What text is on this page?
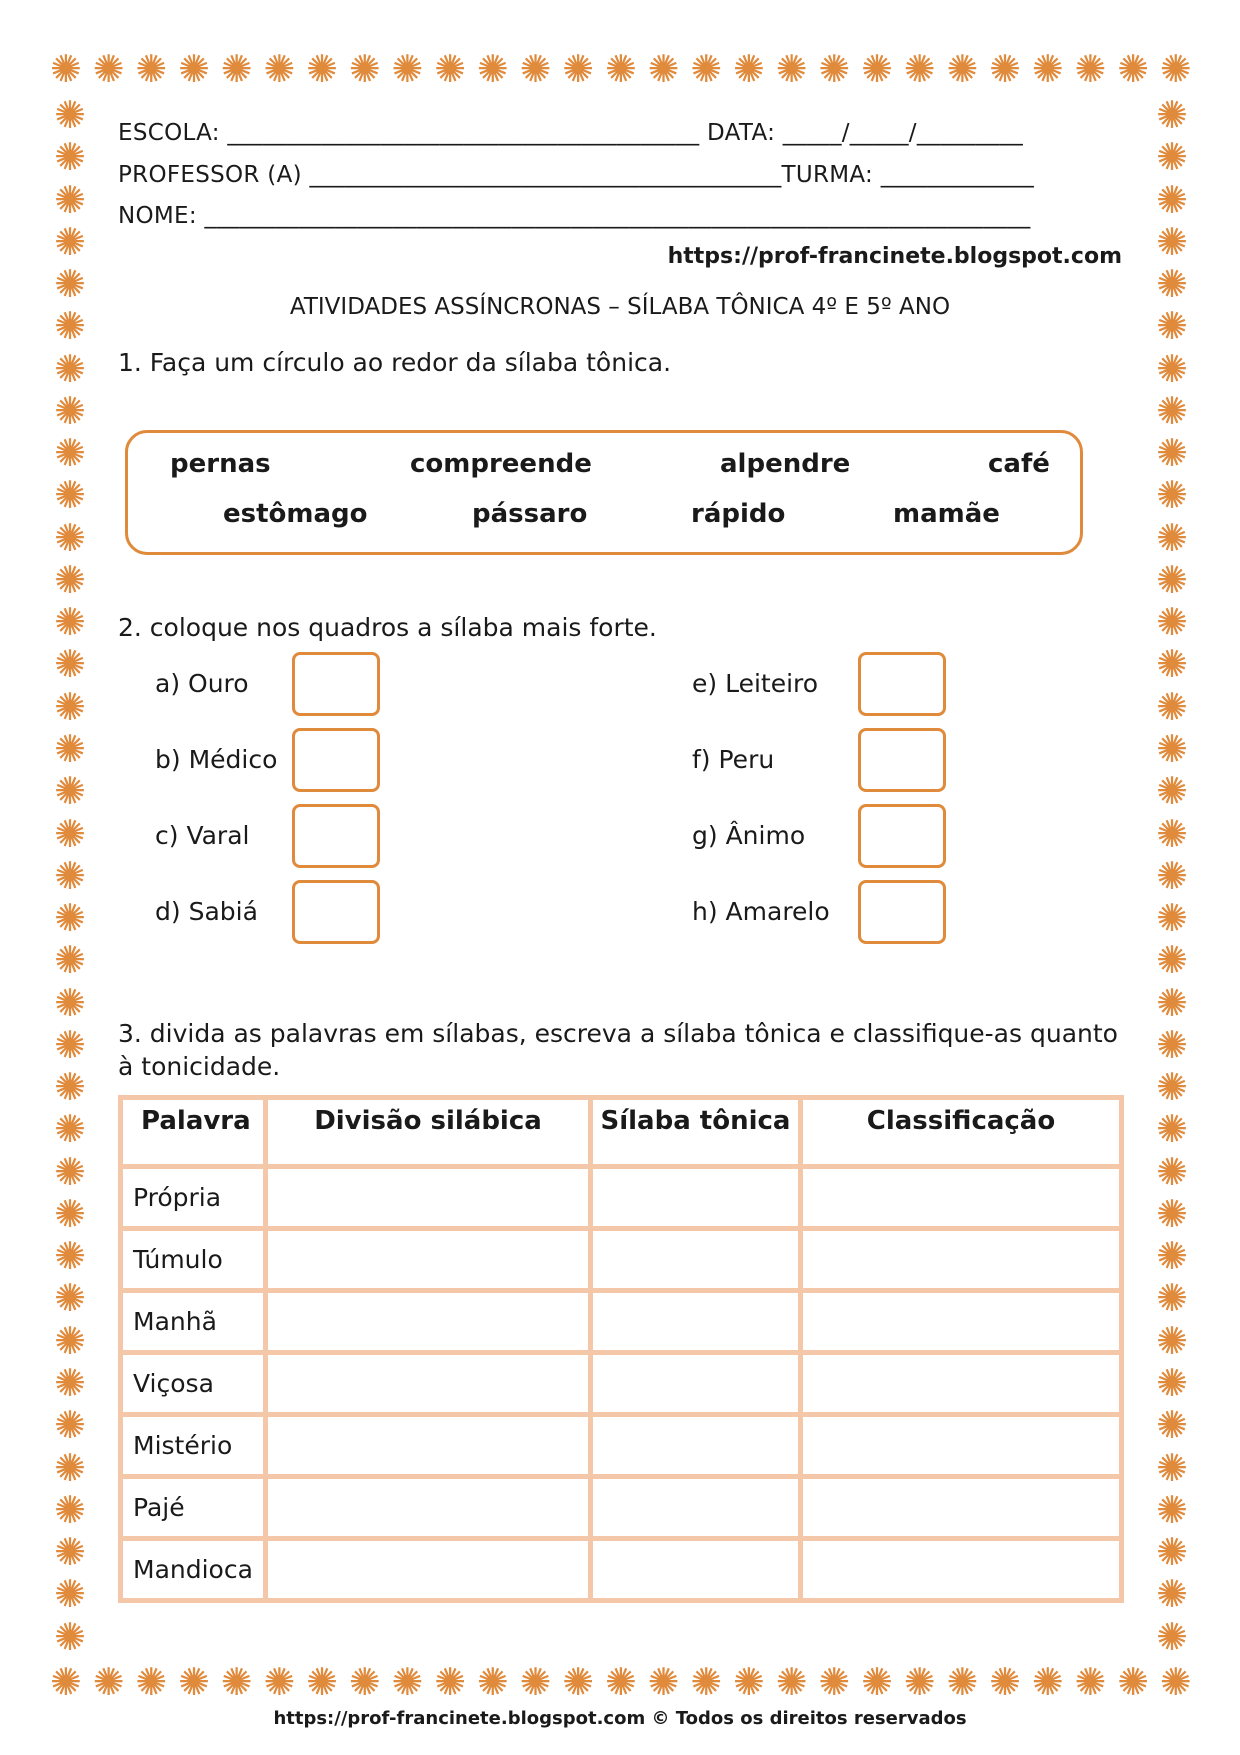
✺ ✺ ✺ ✺ ✺ ✺ ✺ ✺ ✺ ✺ ✺ ✺ ✺ ✺ ✺ ✺ ✺ ✺ ✺ ✺ ✺ ✺ ✺ ✺ ✺ ✺ ✺
✺ ✺ ✺ ✺ ✺ ✺ ✺ ✺ ✺ ✺ ✺ ✺ ✺ ✺ ✺ ✺ ✺ ✺ ✺ ✺ ✺ ✺ ✺ ✺ ✺ ✺ ✺
✺
✺
✺
✺
✺
✺
✺
✺
✺
✺
✺
✺
✺
✺
✺
✺
✺
✺
✺
✺
✺
✺
✺
✺
✺
✺
✺
✺
✺
✺
✺
✺
✺
✺
✺
✺
✺
✺
✺
✺
✺
✺
✺
✺
✺
✺
✺
✺
✺
✺
✺
✺
✺
✺
✺
✺
✺
✺
✺
✺
✺
✺
✺
✺
✺
✺
✺
✺
✺
✺
✺
✺
✺
✺
ESCOLA: ________________________________________ DATA: _____/_____/_________
PROFESSOR (A) ________________________________________TURMA: _____________
NOME: ______________________________________________________________________
https://prof-francinete.blogspot.com
ATIVIDADES ASSÍNCRONAS – SÍLABA TÔNICA 4º E 5º ANO
1. Faça um círculo ao redor da sílaba tônica.
pernas	compreende	alpendre	café
estômago	pássaro	rápido	mamãe
2. coloque nos quadros a sílaba mais forte.
a) Ouro
b) Médico
c) Varal
d) Sabiá
e) Leiteiro
f) Peru
g) Ânimo
h) Amarelo
3. divida as palavras em sílabas, escreva a sílaba tônica e classifique-as quanto
à tonicidade.
Palavra	Divisão silábica	Sílaba tônica	Classificação
Própria			
Túmulo			
Manhã			
Viçosa			
Mistério			
Pajé			
Mandioca			
https://prof-francinete.blogspot.com © Todos os direitos reservados
